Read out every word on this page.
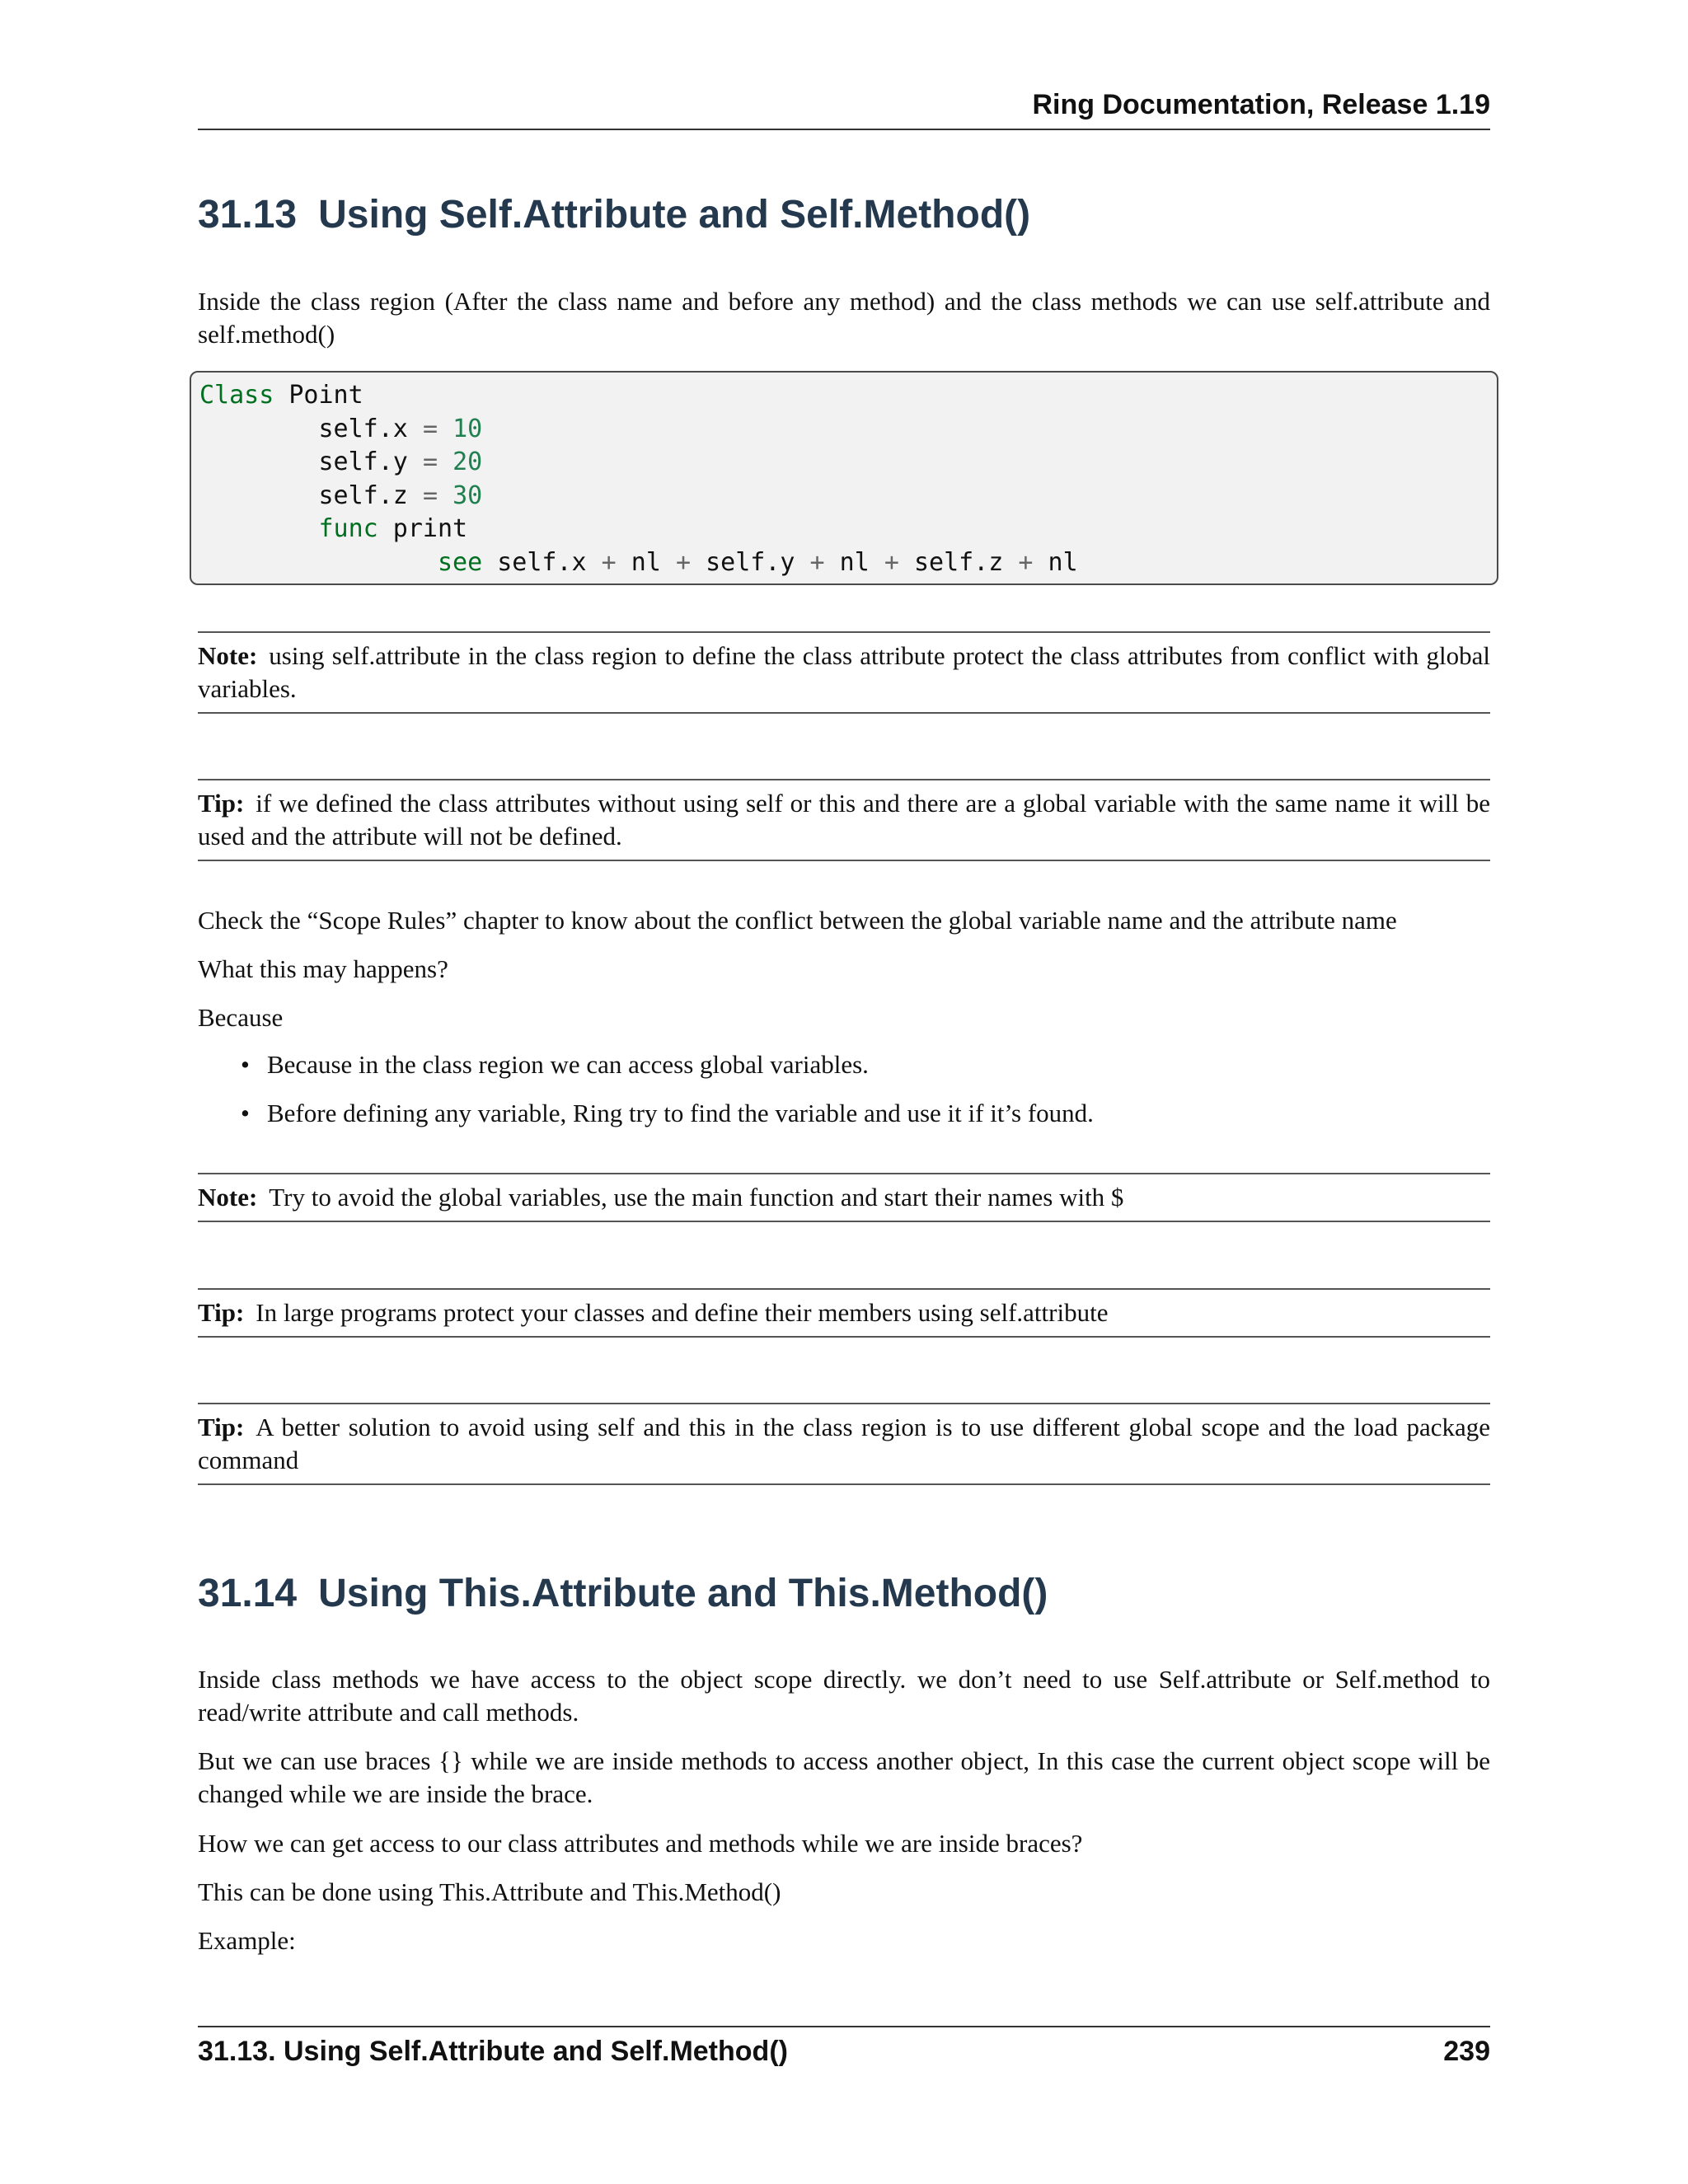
Ring Documentation, Release 1.19
31.13 Using Self.Attribute and Self.Method()

Inside the class region (After the class name and before any method) and the class methods we can use self.attribute and self.method()

Class Point
self.x = 10
self.y = 20
self.z = 30
func print
see self.x + nl + self.y + nl + self.z + nl
Note: using self.attribute in the class region to define the class attribute protect the class attributes from conflict with global variables.
Tip: if we defined the class attributes without using self or this and there are a global variable with the same name it will be used and the attribute will not be defined.

Check the “Scope Rules” chapter to know about the conflict between the global variable name and the attribute name

What this may happens?

Because

• Because in the class region we can access global variables.
• Before defining any variable, Ring try to find the variable and use it if it’s found.
Note: Try to avoid the global variables, use the main function and start their names with $
Tip: In large programs protect your classes and define their members using self.attribute
Tip: A better solution to avoid using self and this in the class region is to use different global scope and the load package command
31.14 Using This.Attribute and This.Method()

Inside class methods we have access to the object scope directly. we don’t need to use Self.attribute or Self.method to read/write attribute and call methods.

But we can use braces {} while we are inside methods to access another object, In this case the current object scope will be changed while we are inside the brace.

How we can get access to our class attributes and methods while we are inside braces?

This can be done using This.Attribute and This.Method()

Example:

31.13. Using Self.Attribute and Self.Method()	239
